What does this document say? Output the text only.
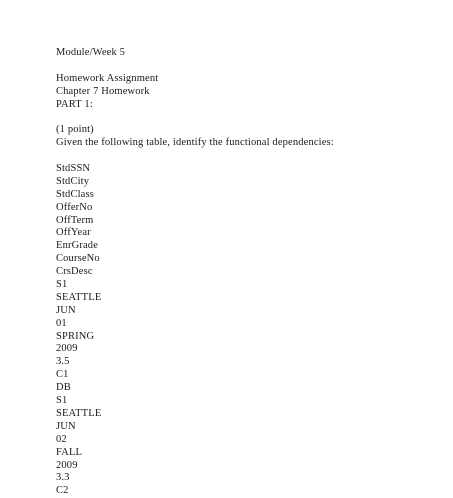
Module/Week 5
Homework Assignment
Chapter 7 Homework
PART 1:
(1 point)
Given the following table, identify the functional dependencies:
StdSSN
StdCity
StdClass
OfferNo
OffTerm
OffYear
EnrGrade
CourseNo
CrsDesc
S1
SEATTLE
JUN
01
SPRING
2009
3.5
C1
DB
S1
SEATTLE
JUN
02
FALL
2009
3.3
C2
